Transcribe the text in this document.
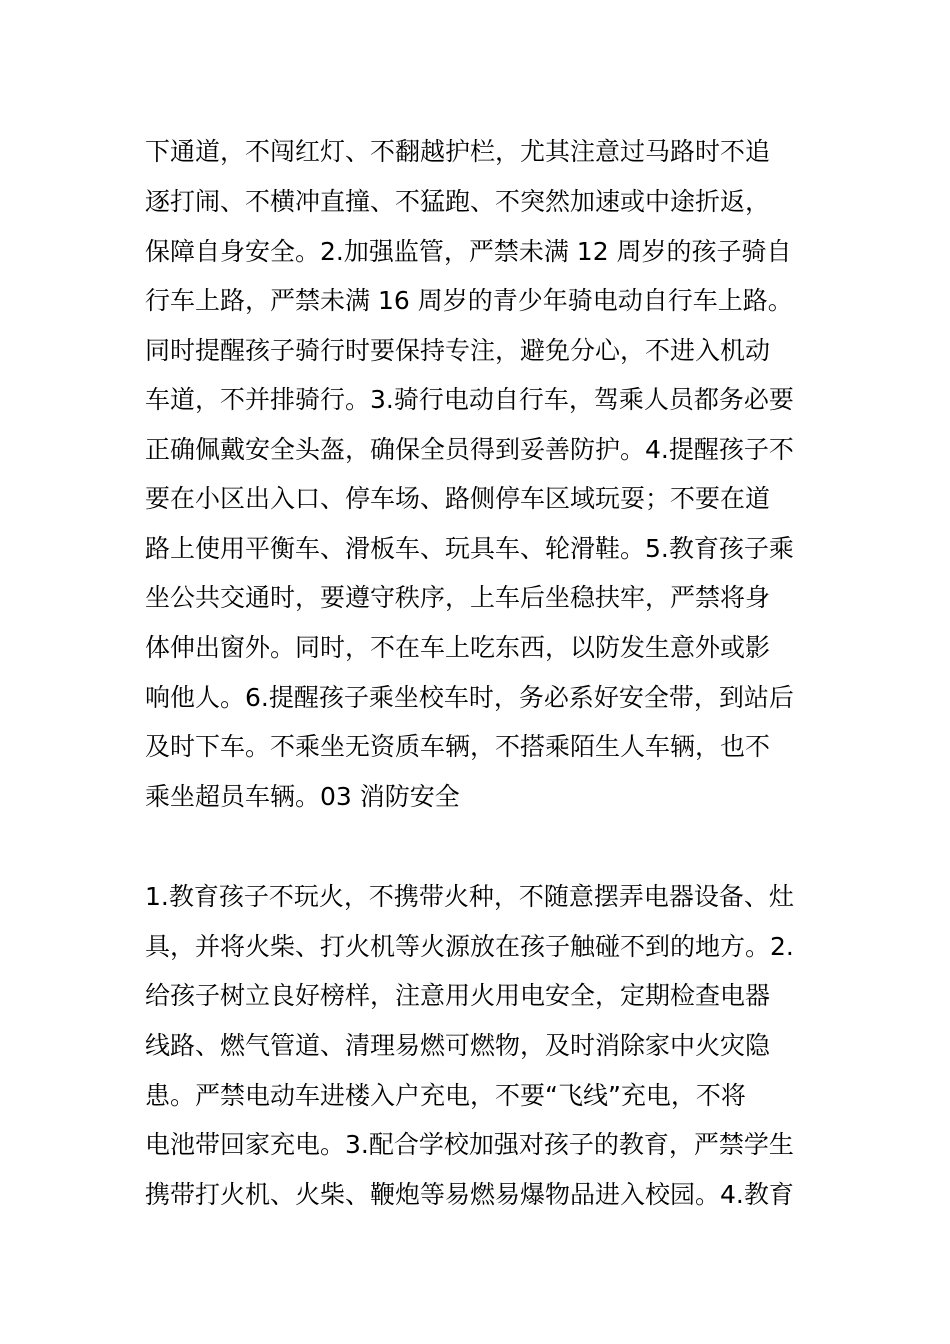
下通道，不闯红灯、不翻越护栏，尤其注意过马路时不追
逐打闹、不横冲直撞、不猛跑、不突然加速或中途折返，
保障自身安全。2.加强监管，严禁未满 12 周岁的孩子骑自
行车上路，严禁未满 16 周岁的青少年骑电动自行车上路。
同时提醒孩子骑行时要保持专注，避免分心，不进入机动
车道，不并排骑行。3.骑行电动自行车，驾乘人员都务必要
正确佩戴安全头盔，确保全员得到妥善防护。4.提醒孩子不
要在小区出入口、停车场、路侧停车区域玩耍；不要在道
路上使用平衡车、滑板车、玩具车、轮滑鞋。5.教育孩子乘
坐公共交通时，要遵守秩序，上车后坐稳扶牢，严禁将身
体伸出窗外。同时，不在车上吃东西，以防发生意外或影
响他人。6.提醒孩子乘坐校车时，务必系好安全带，到站后
及时下车。不乘坐无资质车辆，不搭乘陌生人车辆，也不
乘坐超员车辆。03 消防安全
1.教育孩子不玩火，不携带火种，不随意摆弄电器设备、灶
具，并将火柴、打火机等火源放在孩子触碰不到的地方。2.
给孩子树立良好榜样，注意用火用电安全，定期检查电器
线路、燃气管道、清理易燃可燃物，及时消除家中火灾隐
患。严禁电动车进楼入户充电，不要“飞线”充电，不将
电池带回家充电。3.配合学校加强对孩子的教育，严禁学生
携带打火机、火柴、鞭炮等易燃易爆物品进入校园。4.教育
